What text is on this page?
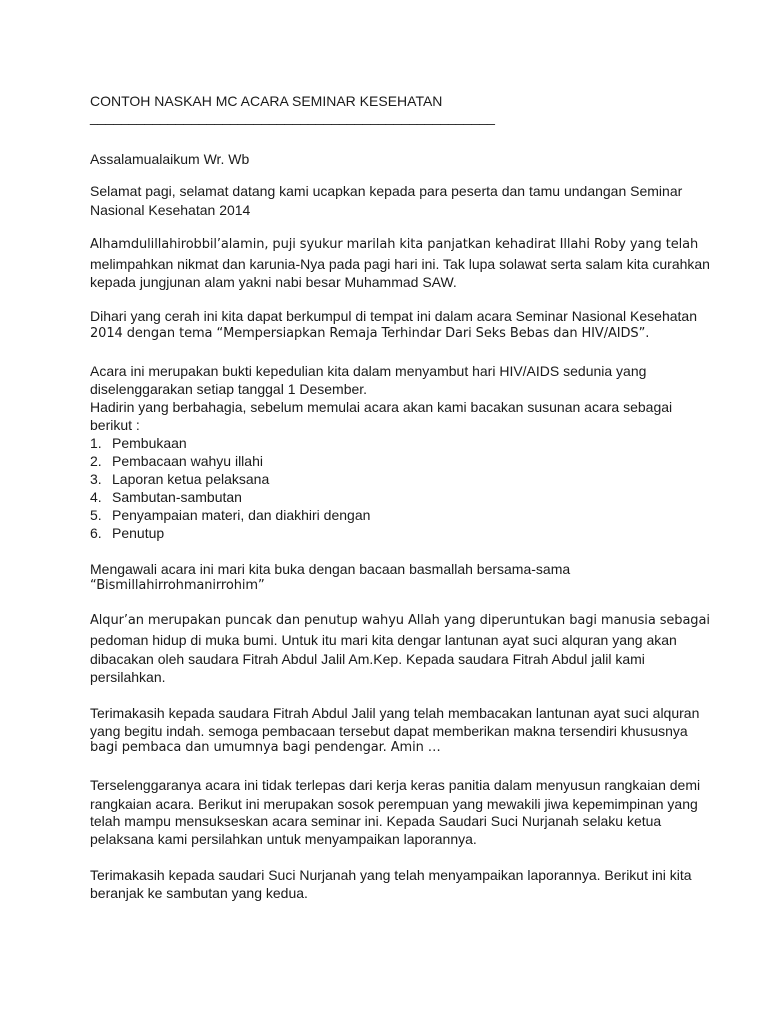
CONTOH NASKAH MC ACARA SEMINAR KESEHATAN
____________________________________________________
Assalamualaikum Wr. Wb
Selamat pagi, selamat datang kami ucapkan kepada para peserta dan tamu undangan Seminar
Nasional Kesehatan 2014
Alhamdulillahirobbil’alamin, puji syukur marilah kita panjatkan kehadirat Illahi Roby yang telah
melimpahkan nikmat dan karunia-Nya pada pagi hari ini. Tak lupa solawat serta salam kita curahkan
kepada jungjunan alam yakni nabi besar Muhammad SAW.
Dihari yang cerah ini kita dapat berkumpul di tempat ini dalam acara Seminar Nasional Kesehatan
2014 dengan tema “Mempersiapkan Remaja Terhindar Dari Seks Bebas dan HIV/AIDS”.
Acara ini merupakan bukti kepedulian kita dalam menyambut hari HIV/AIDS sedunia yang
diselenggarakan setiap tanggal 1 Desember.
Hadirin yang berbahagia, sebelum memulai acara akan kami bacakan susunan acara sebagai
berikut :
1. Pembukaan
2. Pembacaan wahyu illahi
3. Laporan ketua pelaksana
4. Sambutan-sambutan
5. Penyampaian materi, dan diakhiri dengan
6. Penutup
Mengawali acara ini mari kita buka dengan bacaan basmallah bersama-sama
“Bismillahirrohmanirrohim”
Alqur’an merupakan puncak dan penutup wahyu Allah yang diperuntukan bagi manusia sebagai
pedoman hidup di muka bumi. Untuk itu mari kita dengar lantunan ayat suci alquran yang akan
dibacakan oleh saudara Fitrah Abdul Jalil Am.Kep. Kepada saudara Fitrah Abdul jalil kami
persilahkan.
Terimakasih kepada saudara Fitrah Abdul Jalil yang telah membacakan lantunan ayat suci alquran
yang begitu indah. semoga pembacaan tersebut dapat memberikan makna tersendiri khususnya
bagi pembaca dan umumnya bagi pendengar. Amin …
Terselenggaranya acara ini tidak terlepas dari kerja keras panitia dalam menyusun rangkaian demi
rangkaian acara. Berikut ini merupakan sosok perempuan yang mewakili jiwa kepemimpinan yang
telah mampu mensukseskan acara seminar ini. Kepada Saudari Suci Nurjanah selaku ketua
pelaksana kami persilahkan untuk menyampaikan laporannya.
Terimakasih kepada saudari Suci Nurjanah yang telah menyampaikan laporannya. Berikut ini kita
beranjak ke sambutan yang kedua.
